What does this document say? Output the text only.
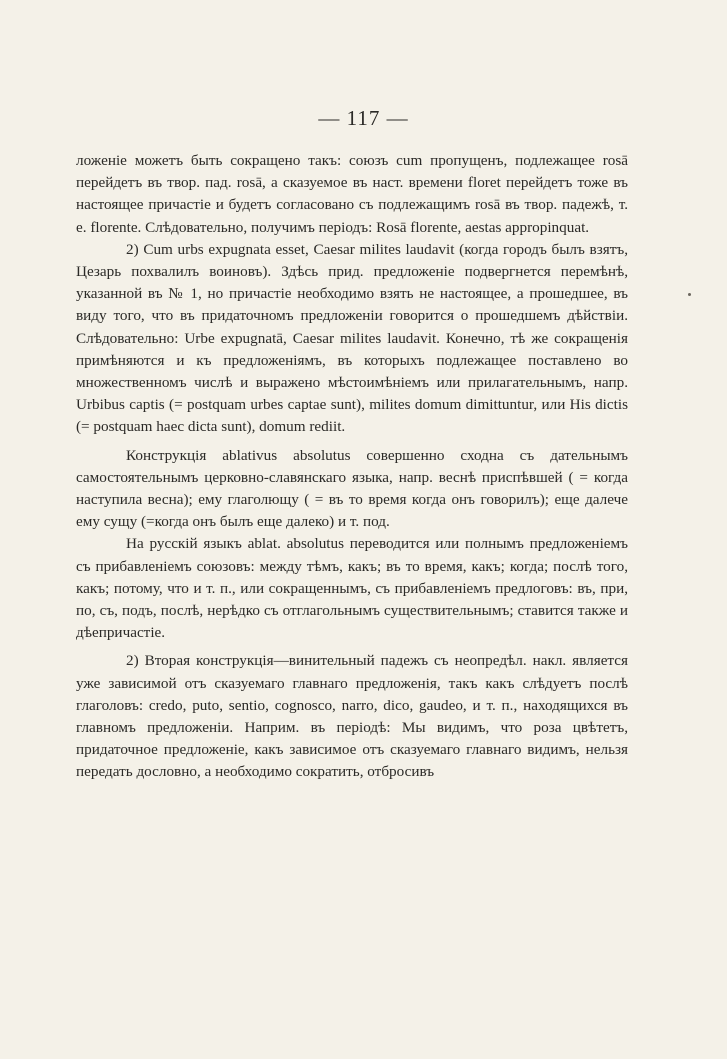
— 117 —

ложеніе можетъ быть сокращено такъ: союзъ cum пропущенъ, подлежащее rosā перейдетъ въ твор. пад. rosā, а сказуемое въ наст. времени floret перейдетъ тоже въ настоящее причастіе и будетъ согласовано съ подлежащимъ rosā въ твор. падежѣ, т. е. florente. Слѣдовательно, получимъ періодъ: Rosā florente, aestas appropinquat.

2) Cum urbs expugnata esset, Caesar milites laudavit (когда городъ былъ взятъ, Цезарь похвалилъ воиновъ). Здѣсь прид. предложеніе подвергнется перемѣнѣ, указанной въ № 1, но причастіе необходимо взять не настоящее, а прошедшее, въ виду того, что въ придаточномъ предложеніи говорится о прошедшемъ дѣйствіи. Слѣдовательно: Urbe expugnatā, Caesar milites laudavit. Конечно, тѣ же сокращенія примѣняются и къ предложеніямъ, въ которыхъ подлежащее поставлено во множественномъ числѣ и выражено мѣстоимѣніемъ или прилагательнымъ, напр. Urbibus captis (= postquam urbes captae sunt), milites domum dimittuntur, или His dictis (= postquam haec dicta sunt), domum rediit.

Конструкція ablativus absolutus совершенно сходна съ дательнымъ самостоятельнымъ церковно-славянскаго языка, напр. веснѣ приспѣвшей ( = когда наступила весна); ему глаголющу ( = въ то время когда онъ говорилъ); еще далече ему сущу (=когда онъ былъ еще далеко) и т. под.

На русскій языкъ ablat. absolutus переводится или полнымъ предложеніемъ съ прибавленіемъ союзовъ: между тѣмъ, какъ; въ то время, какъ; когда; послѣ того, какъ; потому, что и т. п., или сокращеннымъ, съ прибавленіемъ предлоговъ: въ, при, по, съ, подъ, послѣ, нерѣдко съ отглагольнымъ существительнымъ; ставится также и дѣепричастіе.

2) Вторая конструкція—винительный падежъ съ неопредѣл. накл. является уже зависимой отъ сказуемаго главнаго предложенія, такъ какъ слѣдуетъ послѣ глаголовъ: credo, puto, sentio, cognosco, narro, dico, gaudeo, и т. п., находящихся въ главномъ предложеніи. Наприм. въ періодѣ: Мы видимъ, что роза цвѣтетъ, придаточное предложеніе, какъ зависимое отъ сказуемаго главнаго видимъ, нельзя передать дословно, а необходимо сократить, отбросивъ
